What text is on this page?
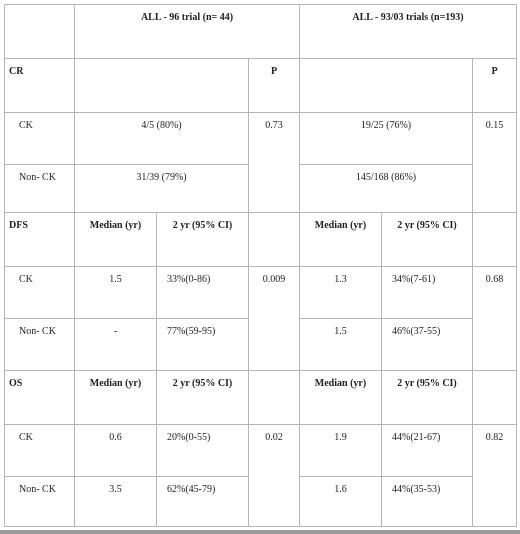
	ALL - 96 trial (n= 44)			ALL - 93/03 trials (n=193)		
CR			P			P
CK	4/5 (80%)		0.73	19/25 (76%)		0.15
Non- CK	31/39 (79%)			145/168 (86%)		
DFS	Median (yr)	2 yr (95% CI)		Median (yr)	2 yr (95% CI)	
CK	1.5	33%(0-86)	0.009	1.3	34%(7-61)	0.68
Non- CK	-	77%(59-95)		1.5	46%(37-55)	
OS	Median (yr)	2 yr (95% CI)		Median (yr)	2 yr (95% CI)	
CK	0.6	20%(0-55)	0.02	1.9	44%(21-67)	0.82
Non- CK	3.5	62%(45-79)		1.6	44%(35-53)	
